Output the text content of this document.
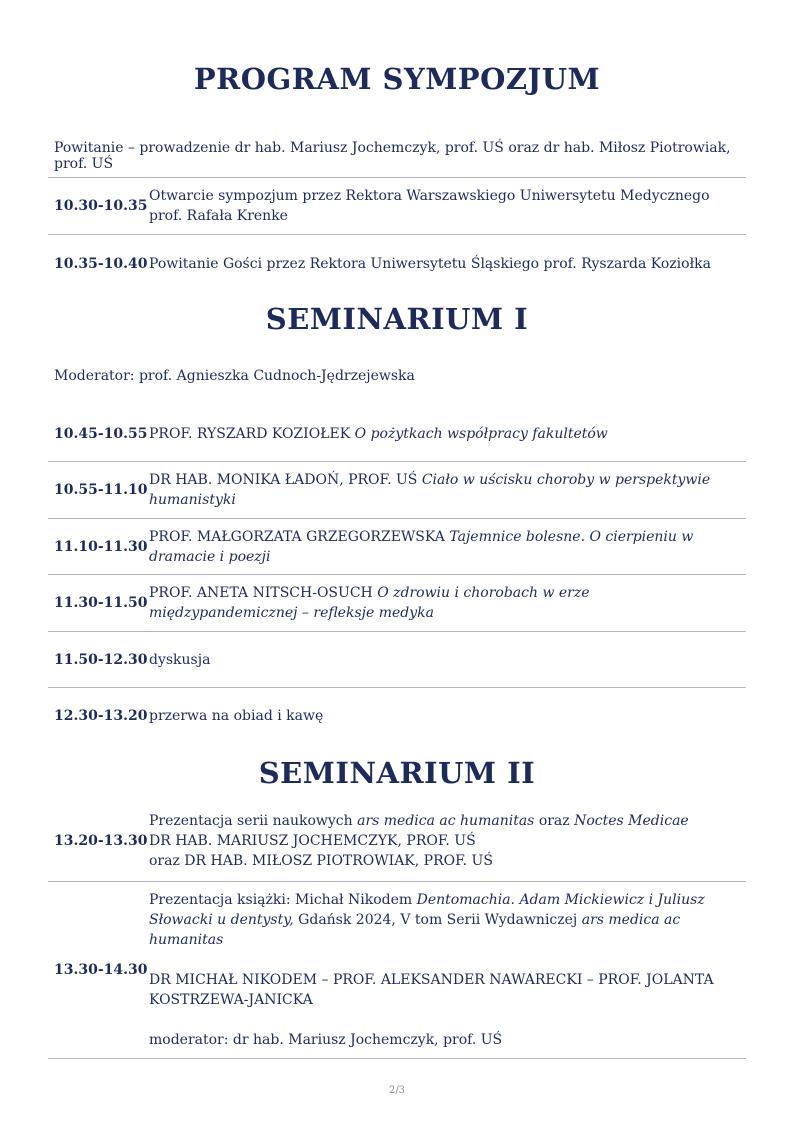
PROGRAM SYMPOZJUM
Powitanie – prowadzenie dr hab. Mariusz Jochemczyk, prof. UŚ oraz dr hab. Miłosz Piotrowiak, prof. UŚ
10.30-10.35
Otwarcie sympozjum przez Rektora Warszawskiego Uniwersytetu Medycznego
prof. Rafała Krenke
10.35-10.40 Powitanie Gości przez Rektora Uniwersytetu Śląskiego prof. Ryszarda Koziołka
SEMINARIUM I
Moderator: prof. Agnieszka Cudnoch-Jędrzejewska
10.45-10.55 PROF. RYSZARD KOZIOŁEK O pożytkach współpracy fakultetów
10.55-11.10
DR HAB. MONIKA ŁADOŃ, PROF. UŚ Ciało w uścisku choroby w perspektywie humanistyki
11.10-11.30
PROF. MAŁGORZATA GRZEGORZEWSKA Tajemnice bolesne. O cierpieniu w dramacie i poezji
11.30-11.50
PROF. ANETA NITSCH-OSUCH O zdrowiu i chorobach w erze międzypandemicznej – refleksje medyka
11.50-12.30 dyskusja
12.30-13.20 przerwa na obiad i kawę
SEMINARIUM II
13.20-13.30
Prezentacja serii naukowych ars medica ac humanitas oraz Noctes Medicae
DR HAB. MARIUSZ JOCHEMCZYK, PROF. UŚ
oraz DR HAB. MIŁOSZ PIOTROWIAK, PROF. UŚ
13.30-14.30
Prezentacja książki: Michał Nikodem Dentomachia. Adam Mickiewicz i Juliusz Słowacki u dentysty, Gdańsk 2024, V tom Serii Wydawniczej ars medica ac humanitas
DR MICHAŁ NIKODEM – PROF. ALEKSANDER NAWARECKI – PROF. JOLANTA KOSTRZEWA-JANICKA
moderator: dr hab. Mariusz Jochemczyk, prof. UŚ
2/3
